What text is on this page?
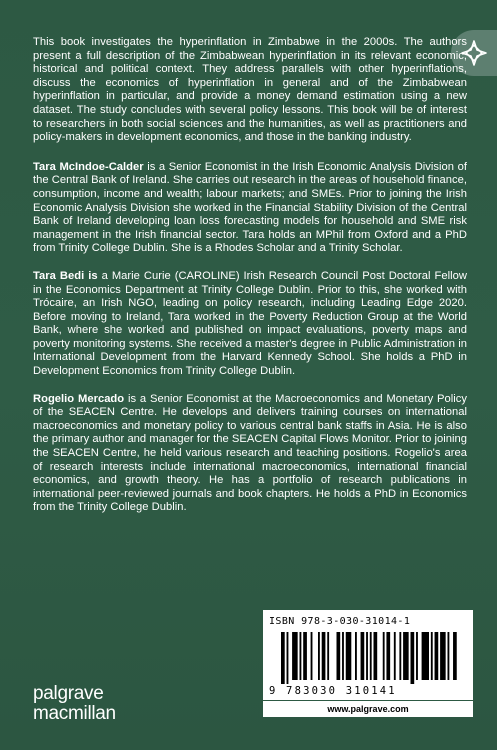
This book investigates the hyperinflation in Zimbabwe in the 2000s. The authors present a full description of the Zimbabwean hyperinflation in its relevant economic, historical and political context. They address parallels with other hyperinflations, discuss the economics of hyperinflation in general and of the Zimbabwean hyperinflation in particular, and provide a money demand estimation using a new dataset. The study concludes with several policy lessons. This book will be of interest to researchers in both social sciences and the humanities, as well as practitioners and policy-makers in development economics, and those in the banking industry.

Tara McIndoe-Calder is a Senior Economist in the Irish Economic Analysis Division of the Central Bank of Ireland. She carries out research in the areas of household finance, consumption, income and wealth; labour markets; and SMEs. Prior to joining the Irish Economic Analysis Division she worked in the Financial Stability Division of the Central Bank of Ireland developing loan loss forecasting models for household and SME risk management in the Irish financial sector. Tara holds an MPhil from Oxford and a PhD from Trinity College Dublin. She is a Rhodes Scholar and a Trinity Scholar.

Tara Bedi is a Marie Curie (CAROLINE) Irish Research Council Post Doctoral Fellow in the Economics Department at Trinity College Dublin. Prior to this, she worked with Trócaire, an Irish NGO, leading on policy research, including Leading Edge 2020. Before moving to Ireland, Tara worked in the Poverty Reduction Group at the World Bank, where she worked and published on impact evaluations, poverty maps and poverty monitoring systems. She received a master's degree in Public Administration in International Development from the Harvard Kennedy School. She holds a PhD in Development Economics from Trinity College Dublin.

Rogelio Mercado is a Senior Economist at the Macroeconomics and Monetary Policy of the SEACEN Centre. He develops and delivers training courses on international macroeconomics and monetary policy to various central bank staffs in Asia. He is also the primary author and manager for the SEACEN Capital Flows Monitor. Prior to joining the SEACEN Centre, he held various research and teaching positions. Rogelio's area of research interests include international macroeconomics, international financial economics, and growth theory. He has a portfolio of research publications in international peer-reviewed journals and book chapters. He holds a PhD in Economics from the Trinity College Dublin.

ISBN 978-3-030-31014-1
9 783030 310141
www.palgrave.com
palgrave
macmillan
